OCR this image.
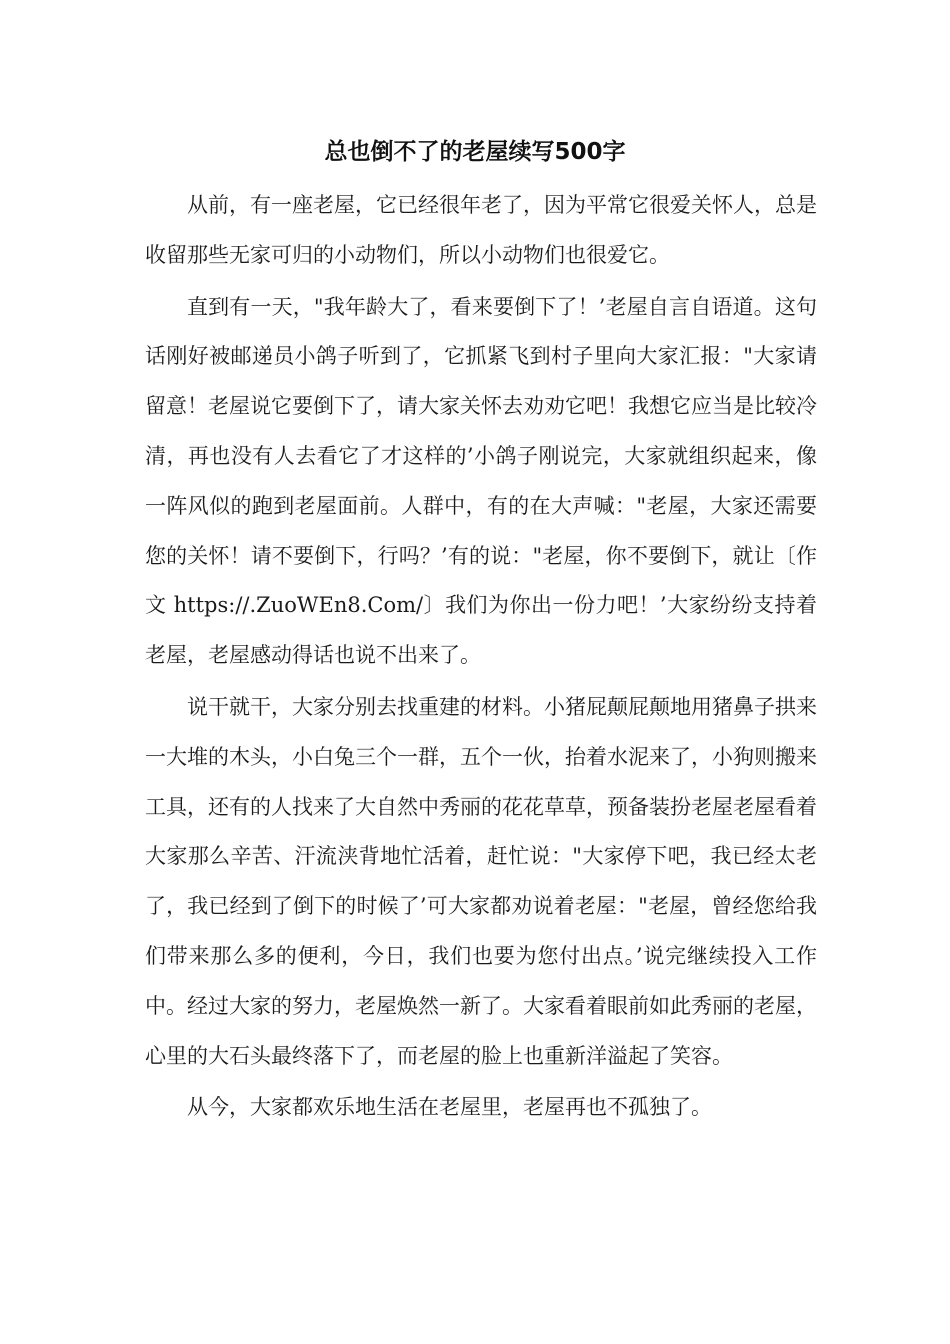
总也倒不了的老屋续写500字

从前，有一座老屋，它已经很年老了，因为平常它很爱关怀人，总是收留那些无家可归的小动物们，所以小动物们也很爱它。

直到有一天，"我年龄大了，看来要倒下了！’老屋自言自语道。这句话刚好被邮递员小鸽子听到了，它抓紧飞到村子里向大家汇报："大家请留意！老屋说它要倒下了，请大家关怀去劝劝它吧！我想它应当是比较冷清，再也没有人去看它了才这样的’小鸽子刚说完，大家就组织起来，像一阵风似的跑到老屋面前。人群中，有的在大声喊："老屋，大家还需要您的关怀！请不要倒下，行吗？’有的说："老屋，你不要倒下，就让〔作文 https://.ZuoWEn8.Com/〕我们为你出一份力吧！’大家纷纷支持着老屋，老屋感动得话也说不出来了。

说干就干，大家分别去找重建的材料。小猪屁颠屁颠地用猪鼻子拱来一大堆的木头，小白兔三个一群，五个一伙，抬着水泥来了，小狗则搬来工具，还有的人找来了大自然中秀丽的花花草草，预备装扮老屋老屋看着大家那么辛苦、汗流浃背地忙活着，赶忙说："大家停下吧，我已经太老了，我已经到了倒下的时候了’可大家都劝说着老屋："老屋，曾经您给我们带来那么多的便利，今日，我们也要为您付出点。’说完继续投入工作中。经过大家的努力，老屋焕然一新了。大家看着眼前如此秀丽的老屋，心里的大石头最终落下了，而老屋的脸上也重新洋溢起了笑容。

从今，大家都欢乐地生活在老屋里，老屋再也不孤独了。
